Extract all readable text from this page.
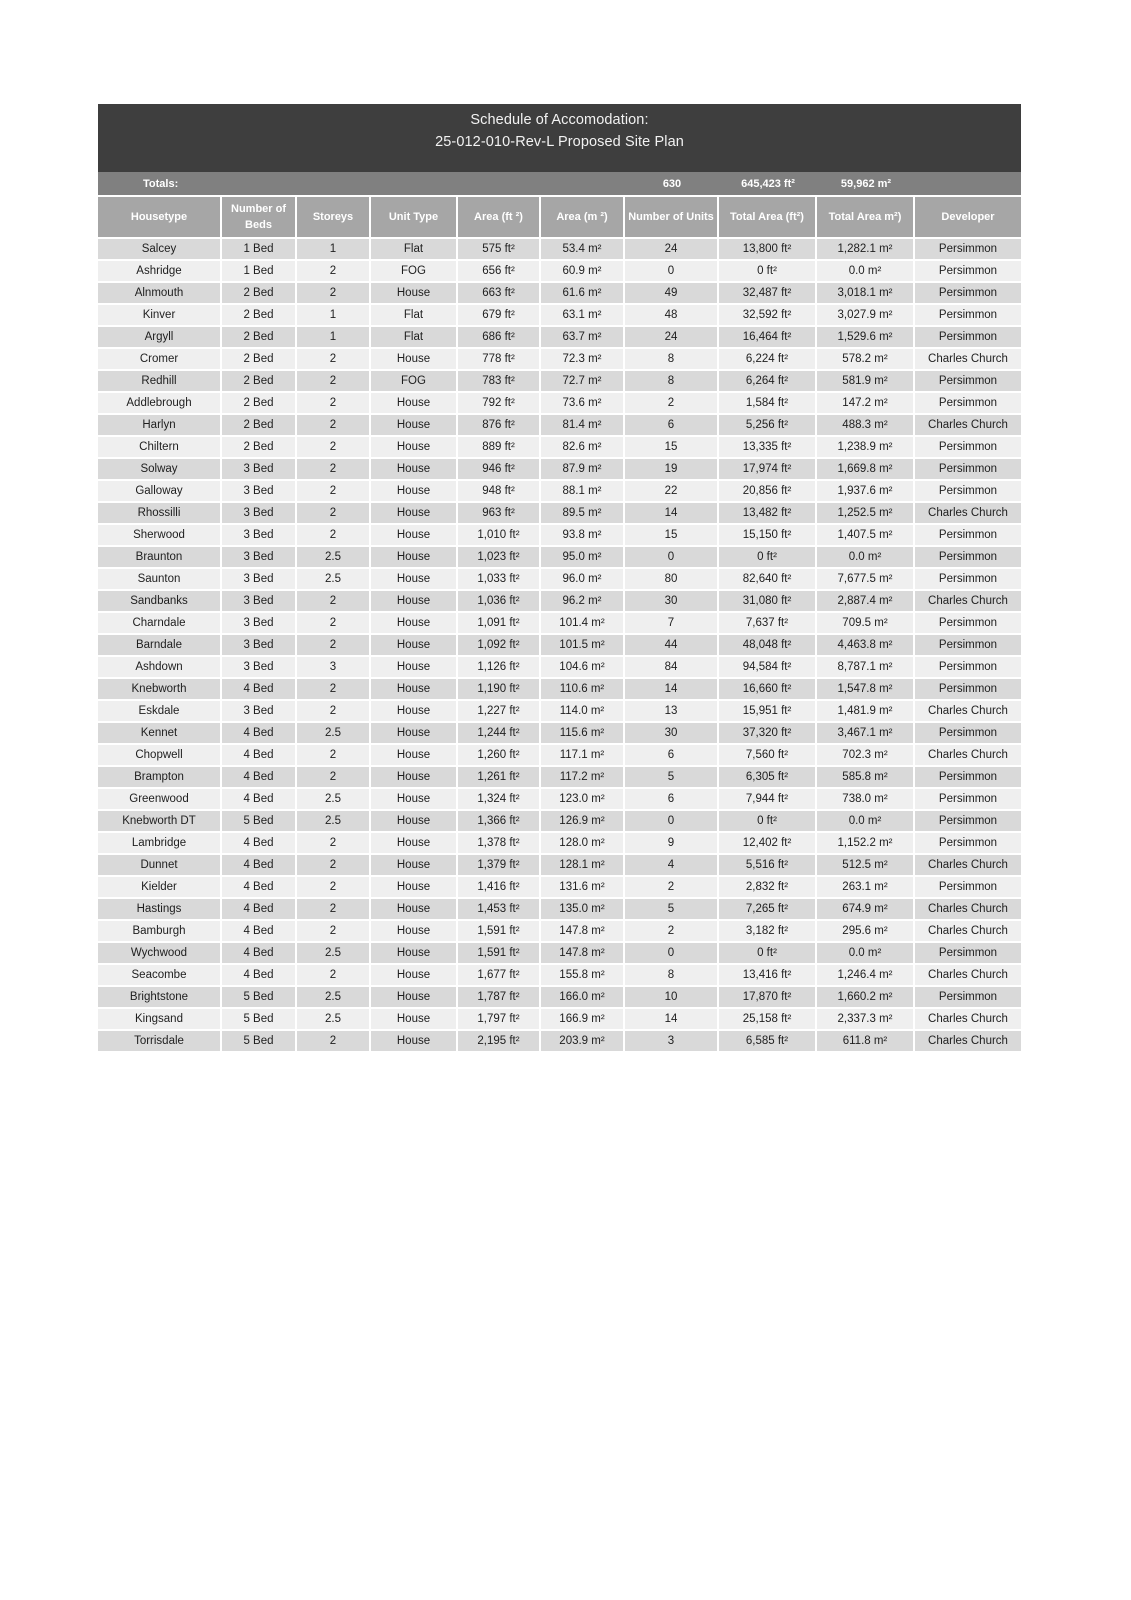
Schedule of Accomodation:
25-012-010-Rev-L Proposed Site Plan
Totals:						630	645,423 ft²	59,962 m²	
Housetype	Number of Beds	Storeys	Unit Type	Area (ft ²)	Area (m ²)	Number of Units	Total Area (ft²)	Total Area m²)	Developer
Salcey	1 Bed	1	Flat	575 ft²	53.4 m²	24	13,800 ft²	1,282.1 m²	Persimmon
Ashridge	1 Bed	2	FOG	656 ft²	60.9 m²	0	0 ft²	0.0 m²	Persimmon
Alnmouth	2 Bed	2	House	663 ft²	61.6 m²	49	32,487 ft²	3,018.1 m²	Persimmon
Kinver	2 Bed	1	Flat	679 ft²	63.1 m²	48	32,592 ft²	3,027.9 m²	Persimmon
Argyll	2 Bed	1	Flat	686 ft²	63.7 m²	24	16,464 ft²	1,529.6 m²	Persimmon
Cromer	2 Bed	2	House	778 ft²	72.3 m²	8	6,224 ft²	578.2 m²	Charles Church
Redhill	2 Bed	2	FOG	783 ft²	72.7 m²	8	6,264 ft²	581.9 m²	Persimmon
Addlebrough	2 Bed	2	House	792 ft²	73.6 m²	2	1,584 ft²	147.2 m²	Persimmon
Harlyn	2 Bed	2	House	876 ft²	81.4 m²	6	5,256 ft²	488.3 m²	Charles Church
Chiltern	2 Bed	2	House	889 ft²	82.6 m²	15	13,335 ft²	1,238.9 m²	Persimmon
Solway	3 Bed	2	House	946 ft²	87.9 m²	19	17,974 ft²	1,669.8 m²	Persimmon
Galloway	3 Bed	2	House	948 ft²	88.1 m²	22	20,856 ft²	1,937.6 m²	Persimmon
Rhossilli	3 Bed	2	House	963 ft²	89.5 m²	14	13,482 ft²	1,252.5 m²	Charles Church
Sherwood	3 Bed	2	House	1,010 ft²	93.8 m²	15	15,150 ft²	1,407.5 m²	Persimmon
Braunton	3 Bed	2.5	House	1,023 ft²	95.0 m²	0	0 ft²	0.0 m²	Persimmon
Saunton	3 Bed	2.5	House	1,033 ft²	96.0 m²	80	82,640 ft²	7,677.5 m²	Persimmon
Sandbanks	3 Bed	2	House	1,036 ft²	96.2 m²	30	31,080 ft²	2,887.4 m²	Charles Church
Charndale	3 Bed	2	House	1,091 ft²	101.4 m²	7	7,637 ft²	709.5 m²	Persimmon
Barndale	3 Bed	2	House	1,092 ft²	101.5 m²	44	48,048 ft²	4,463.8 m²	Persimmon
Ashdown	3 Bed	3	House	1,126 ft²	104.6 m²	84	94,584 ft²	8,787.1 m²	Persimmon
Knebworth	4 Bed	2	House	1,190 ft²	110.6 m²	14	16,660 ft²	1,547.8 m²	Persimmon
Eskdale	3 Bed	2	House	1,227 ft²	114.0 m²	13	15,951 ft²	1,481.9 m²	Charles Church
Kennet	4 Bed	2.5	House	1,244 ft²	115.6 m²	30	37,320 ft²	3,467.1 m²	Persimmon
Chopwell	4 Bed	2	House	1,260 ft²	117.1 m²	6	7,560 ft²	702.3 m²	Charles Church
Brampton	4 Bed	2	House	1,261 ft²	117.2 m²	5	6,305 ft²	585.8 m²	Persimmon
Greenwood	4 Bed	2.5	House	1,324 ft²	123.0 m²	6	7,944 ft²	738.0 m²	Persimmon
Knebworth DT	5 Bed	2.5	House	1,366 ft²	126.9 m²	0	0 ft²	0.0 m²	Persimmon
Lambridge	4 Bed	2	House	1,378 ft²	128.0 m²	9	12,402 ft²	1,152.2 m²	Persimmon
Dunnet	4 Bed	2	House	1,379 ft²	128.1 m²	4	5,516 ft²	512.5 m²	Charles Church
Kielder	4 Bed	2	House	1,416 ft²	131.6 m²	2	2,832 ft²	263.1 m²	Persimmon
Hastings	4 Bed	2	House	1,453 ft²	135.0 m²	5	7,265 ft²	674.9 m²	Charles Church
Bamburgh	4 Bed	2	House	1,591 ft²	147.8 m²	2	3,182 ft²	295.6 m²	Charles Church
Wychwood	4 Bed	2.5	House	1,591 ft²	147.8 m²	0	0 ft²	0.0 m²	Persimmon
Seacombe	4 Bed	2	House	1,677 ft²	155.8 m²	8	13,416 ft²	1,246.4 m²	Charles Church
Brightstone	5 Bed	2.5	House	1,787 ft²	166.0 m²	10	17,870 ft²	1,660.2 m²	Persimmon
Kingsand	5 Bed	2.5	House	1,797 ft²	166.9 m²	14	25,158 ft²	2,337.3 m²	Charles Church
Torrisdale	5 Bed	2	House	2,195 ft²	203.9 m²	3	6,585 ft²	611.8 m²	Charles Church
